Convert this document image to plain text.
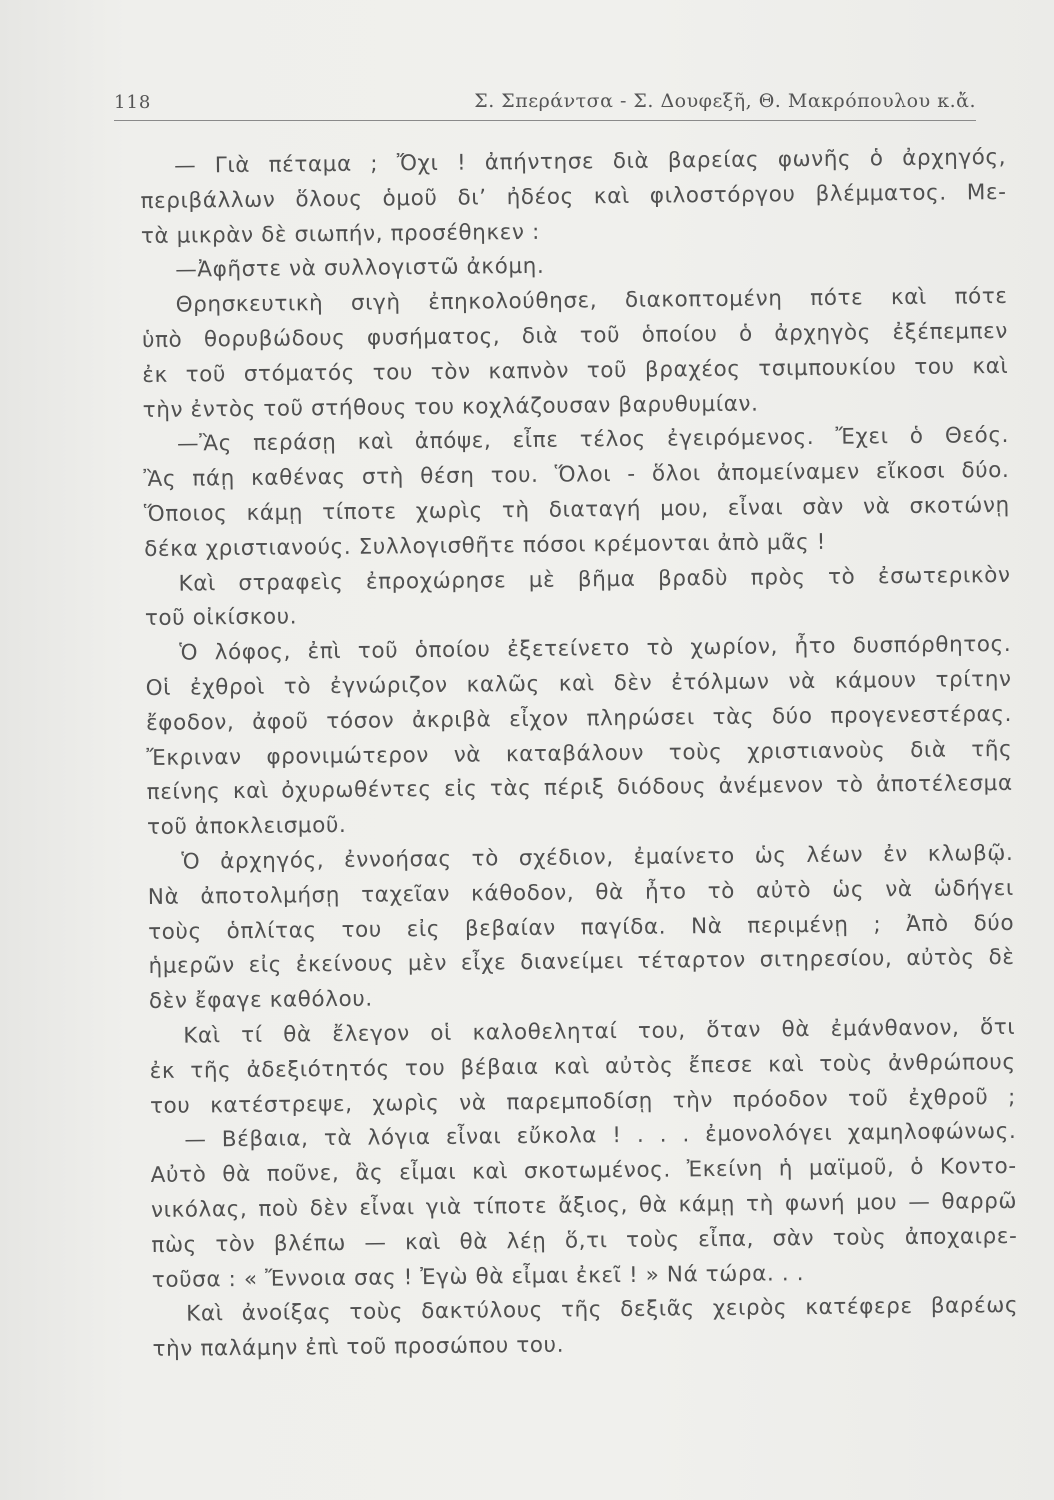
118	Σ. Σπεράντσα - Σ. Δουφεξῆ, Θ. Μακρόπουλου κ.ἄ.
— Γιὰ πέταμα ; Ὄχι ! ἀπήντησε διὰ βαρείας φωνῆς ὁ ἀρχηγός,
περιβάλλων ὅλους ὁμοῦ δι’ ἠδέος καὶ φιλοστόργου βλέμματος. Με-
τὰ μικρὰν δὲ σιωπήν, προσέθηκεν :
—Ἀφῆστε νὰ συλλογιστῶ ἀκόμη.
Θρησκευτικὴ σιγὴ ἐπηκολούθησε, διακοπτομένη πότε καὶ πότε
ὑπὸ θορυβώδους φυσήματος, διὰ τοῦ ὁποίου ὁ ἀρχηγὸς ἐξέπεμπεν
ἐκ τοῦ στόματός του τὸν καπνὸν τοῦ βραχέος τσιμπουκίου του καὶ
τὴν ἐντὸς τοῦ στήθους του κοχλάζουσαν βαρυθυμίαν.
—Ἂς περάσῃ καὶ ἀπόψε, εἶπε τέλος ἐγειρόμενος. Ἔχει ὁ Θεός.
Ἂς πάῃ καθένας στὴ θέση του. Ὅλοι - ὅλοι ἀπομείναμεν εἴκοσι δύο.
Ὅποιος κάμῃ τίποτε χωρὶς τὴ διαταγή μου, εἶναι σὰν νὰ σκοτώνῃ
δέκα χριστιανούς. Συλλογισθῆτε πόσοι κρέμονται ἀπὸ μᾶς !
Καὶ στραφεὶς ἐπροχώρησε μὲ βῆμα βραδὺ πρὸς τὸ ἐσωτερικὸν
τοῦ οἰκίσκου.
Ὁ λόφος, ἐπὶ τοῦ ὁποίου ἐξετείνετο τὸ χωρίον, ἦτο δυσπόρθητος.
Οἱ ἐχθροὶ τὸ ἐγνώριζον καλῶς καὶ δὲν ἐτόλμων νὰ κάμουν τρίτην
ἔφοδον, ἀφοῦ τόσον ἀκριβὰ εἶχον πληρώσει τὰς δύο προγενεστέρας.
Ἔκριναν φρονιμώτερον νὰ καταβάλουν τοὺς χριστιανοὺς διὰ τῆς
πείνης καὶ ὀχυρωθέντες εἰς τὰς πέριξ διόδους ἀνέμενον τὸ ἀποτέλεσμα
τοῦ ἀποκλεισμοῦ.
Ὁ ἀρχηγός, ἐννοήσας τὸ σχέδιον, ἐμαίνετο ὡς λέων ἐν κλωβῷ.
Νὰ ἀποτολμήσῃ ταχεῖαν κάθοδον, θὰ ἦτο τὸ αὐτὸ ὡς νὰ ὡδήγει
τοὺς ὁπλίτας του εἰς βεβαίαν παγίδα. Νὰ περιμένῃ ; Ἀπὸ δύο
ἡμερῶν εἰς ἐκείνους μὲν εἶχε διανείμει τέταρτον σιτηρεσίου, αὐτὸς δὲ
δὲν ἔφαγε καθόλου.
Καὶ τί θὰ ἔλεγον οἱ καλοθεληταί του, ὅταν θὰ ἐμάνθανον, ὅτι
ἐκ τῆς ἀδεξιότητός του βέβαια καὶ αὐτὸς ἔπεσε καὶ τοὺς ἀνθρώπους
του κατέστρεψε, χωρὶς νὰ παρεμποδίσῃ τὴν πρόοδον τοῦ ἐχθροῦ ;
— Βέβαια, τὰ λόγια εἶναι εὔκολα ! . . . ἐμονολόγει χαμηλοφώνως.
Αὐτὸ θὰ ποῦνε, ἂς εἶμαι καὶ σκοτωμένος. Ἐκείνη ἡ μαϊμοῦ, ὁ Κοντο-
νικόλας, ποὺ δὲν εἶναι γιὰ τίποτε ἄξιος, θὰ κάμῃ τὴ φωνή μου — θαρρῶ
πὼς τὸν βλέπω — καὶ θὰ λέῃ ὅ,τι τοὺς εἶπα, σὰν τοὺς ἀποχαιρε-
τοῦσα : « Ἔννοια σας ! Ἐγὼ θὰ εἶμαι ἐκεῖ ! » Νά τώρα. . .
Καὶ ἀνοίξας τοὺς δακτύλους τῆς δεξιᾶς χειρὸς κατέφερε βαρέως
τὴν παλάμην ἐπὶ τοῦ προσώπου του.
